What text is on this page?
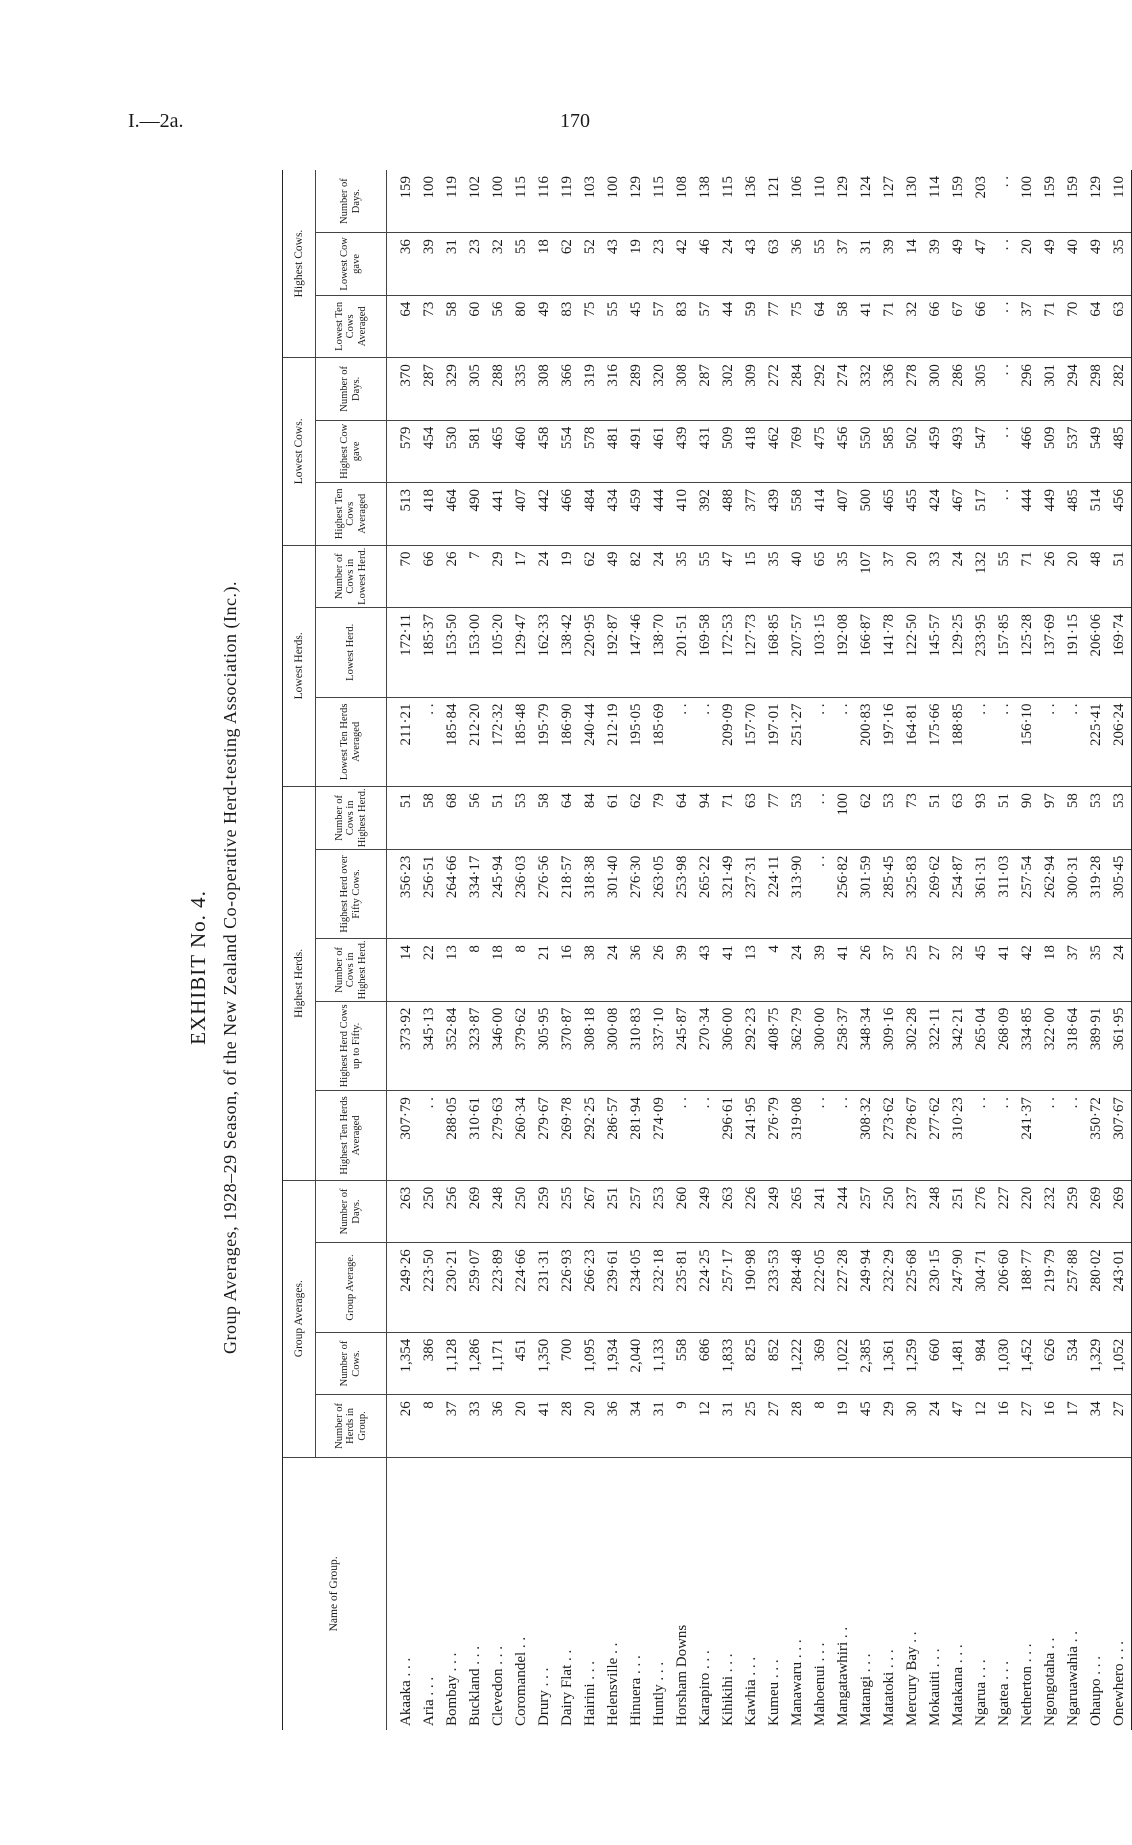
I.—2a.	170
EXHIBIT No. 4. Group Averages, 1928–29 Season, of the New Zealand Co-operative Herd-testing Association (Inc.).
Name of Group.	Group Averages.				Highest Herds.					Lowest Herds.			Lowest Cows.			Highest Cows.		
	Number of Herds in Group.	Number of Cows.	Group Average.	Number of Days.	Highest Ten Herds Averaged	Highest Herd Cows up to Fifty.	Number of Cows in Highest Herd.	Highest Herd over Fifty Cows.	Number of Cows in Highest Herd.	Lowest Ten Herds Averaged	Lowest Herd.	Number of Cows in Lowest Herd.	Highest Ten Cows Averaged	Highest Cow gave	Number of Days.	Lowest Ten Cows Averaged	Lowest Cow gave	Number of Days.
Akaaka . . .	26	1,354	249·26	263	307·79	373·92	14	356·23	51	211·21	172·11	70	513	579	370	64	36	159
Aria . . .	8	386	223·50	250	. .	345·13	22	256·51	58	. .	185·37	66	418	454	287	73	39	100
Bombay . . .	37	1,128	230·21	256	288·05	352·84	13	264·66	68	185·84	153·50	26	464	530	329	58	31	119
Buckland . . .	33	1,286	259·07	269	310·61	323·87	8	334·17	56	212·20	153·00	7	490	581	305	60	23	102
Clevedon . . .	36	1,171	223·89	248	279·63	346·00	18	245·94	51	172·32	105·20	29	441	465	288	56	32	100
Coromandel . .	20	451	224·66	250	260·34	379·62	8	236·03	53	185·48	129·47	17	407	460	335	80	55	115
Drury . . .	41	1,350	231·31	259	279·67	305·95	21	276·56	58	195·79	162·33	24	442	458	308	49	18	116
Dairy Flat . .	28	700	226·93	255	269·78	370·87	16	218·57	64	186·90	138·42	19	466	554	366	83	62	119
Hairini . . .	20	1,095	266·23	267	292·25	308·18	38	318·38	84	240·44	220·95	62	484	578	319	75	52	103
Helensville . .	36	1,934	239·61	251	286·57	300·08	24	301·40	61	212·19	192·87	49	434	481	316	55	43	100
Hinuera . . .	34	2,040	234·05	257	281·94	310·83	36	276·30	62	195·05	147·46	82	459	491	289	45	19	129
Huntly . . .	31	1,133	232·18	253	274·09	337·10	26	263·05	79	185·69	138·70	24	444	461	320	57	23	115
Horsham Downs	9	558	235·81	260	. .	245·87	39	253·98	64	. .	201·51	35	410	439	308	83	42	108
Karapiro . . .	12	686	224·25	249	. .	270·34	43	265·22	94	. .	169·58	55	392	431	287	57	46	138
Kihikihi . . .	31	1,833	257·17	263	296·61	306·00	41	321·49	71	209·09	172·53	47	488	509	302	44	24	115
Kawhia . . .	25	825	190·98	226	241·95	292·23	13	237·31	63	157·70	127·73	15	377	418	309	59	43	136
Kumeu . . .	27	852	233·53	249	276·79	408·75	4	224·11	77	197·01	168·85	35	439	462	272	77	63	121
Manawaru . . .	28	1,222	284·48	265	319·08	362·79	24	313·90	53	251·27	207·57	40	558	769	284	75	36	106
Mahoenui . . .	8	369	222·05	241	. .	300·00	39	. .	. .	. .	103·15	65	414	475	292	64	55	110
Mangatawhiri . .	19	1,022	227·28	244	. .	258·37	41	256·82	100	. .	192·08	35	407	456	274	58	37	129
Matangi . . .	45	2,385	249·94	257	308·32	348·34	26	301·59	62	200·83	166·87	107	500	550	332	41	31	124
Matatoki . . .	29	1,361	232·29	250	273·62	309·16	37	285·45	53	197·16	141·78	37	465	585	336	71	39	127
Mercury Bay . .	30	1,259	225·68	237	278·67	302·28	25	325·83	73	164·81	122·50	20	455	502	278	32	14	130
Mokauiti . . .	24	660	230·15	248	277·62	322·11	27	269·62	51	175·66	145·57	33	424	459	300	66	39	114
Matakana . . .	47	1,481	247·90	251	310·23	342·21	32	254·87	63	188·85	129·25	24	467	493	286	67	49	159
Ngarua . . .	12	984	304·71	276	. .	265·04	45	361·31	93	. .	233·95	132	517	547	305	66	47	203
Ngatea . . .	16	1,030	206·60	227	. .	268·09	41	311·03	51	. .	157·85	55	. .	. .	. .	. .	. .	. .
Netherton . . .	27	1,452	188·77	220	241·37	334·85	42	257·54	90	156·10	125·28	71	444	466	296	37	20	100
Ngongotaha . .	16	626	219·79	232	. .	322·00	18	262·94	97	. .	137·69	26	449	509	301	71	49	159
Ngaruawahia . .	17	534	257·88	259	. .	318·64	37	300·31	58	. .	191·15	20	485	537	294	70	40	159
Ohaupo . . .	34	1,329	280·02	269	350·72	389·91	35	319·28	53	225·41	206·06	48	514	549	298	64	49	129
Onewhero . . .	27	1,052	243·01	269	307·67	361·95	24	305·45	53	206·24	169·74	51	456	485	282	63	35	110
